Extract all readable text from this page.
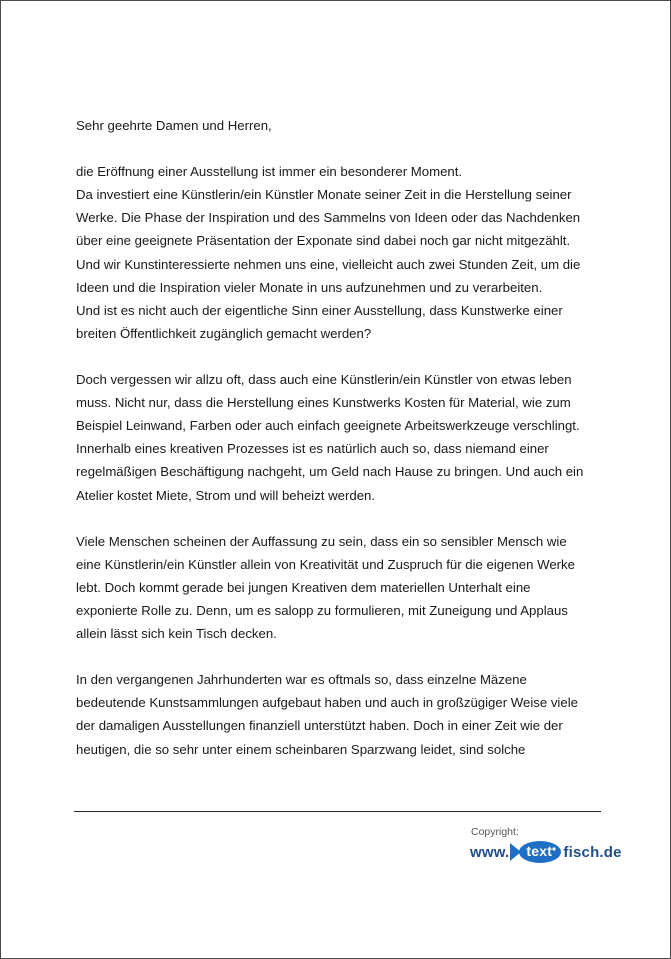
Sehr geehrte Damen und Herren,
die Eröffnung einer Ausstellung ist immer ein besonderer Moment.
Da investiert eine Künstlerin/ein Künstler Monate seiner Zeit in die Herstellung seiner
Werke. Die Phase der Inspiration und des Sammelns von Ideen oder das Nachdenken
über eine geeignete Präsentation der Exponate sind dabei noch gar nicht mitgezählt.
Und wir Kunstinteressierte nehmen uns eine, vielleicht auch zwei Stunden Zeit, um die
Ideen und die Inspiration vieler Monate in uns aufzunehmen und zu verarbeiten.
Und ist es nicht auch der eigentliche Sinn einer Ausstellung, dass Kunstwerke einer
breiten Öffentlichkeit zugänglich gemacht werden?
Doch vergessen wir allzu oft, dass auch eine Künstlerin/ein Künstler von etwas leben
muss. Nicht nur, dass die Herstellung eines Kunstwerks Kosten für Material, wie zum
Beispiel Leinwand, Farben oder auch einfach geeignete Arbeitswerkzeuge verschlingt.
Innerhalb eines kreativen Prozesses ist es natürlich auch so, dass niemand einer
regelmäßigen Beschäftigung nachgeht, um Geld nach Hause zu bringen. Und auch ein
Atelier kostet Miete, Strom und will beheizt werden.
Viele Menschen scheinen der Auffassung zu sein, dass ein so sensibler Mensch wie
eine Künstlerin/ein Künstler allein von Kreativität und Zuspruch für die eigenen Werke
lebt. Doch kommt gerade bei jungen Kreativen dem materiellen Unterhalt eine
exponierte Rolle zu. Denn, um es salopp zu formulieren, mit Zuneigung und Applaus
allein lässt sich kein Tisch decken.
In den vergangenen Jahrhunderten war es oftmals so, dass einzelne Mäzene
bedeutende Kunstsammlungen aufgebaut haben und auch in großzügiger Weise viele
der damaligen Ausstellungen finanziell unterstützt haben. Doch in einer Zeit wie der
heutigen, die so sehr unter einem scheinbaren Sparzwang leidet, sind solche
Copyright:
www. text fisch.de
